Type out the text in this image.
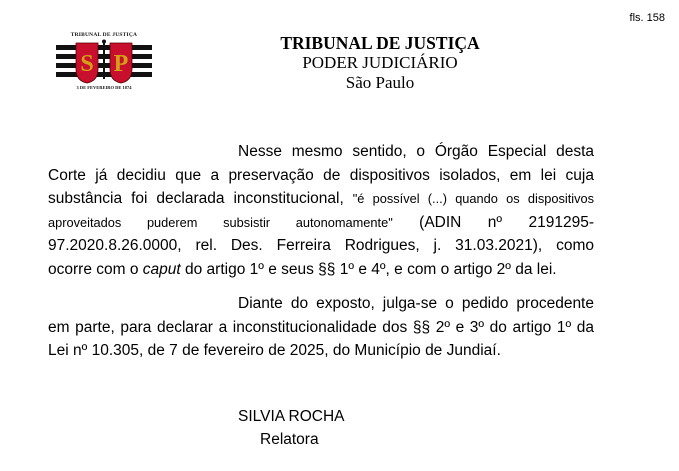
fls. 158
TRIBUNAL DE JUSTIÇA
S P
3 DE FEVEREIRO DE 1874
TRIBUNAL DE JUSTIÇA
PODER JUDICIÁRIO
São Paulo
Nesse mesmo sentido, o Órgão Especial desta
Corte já decidiu que a preservação de dispositivos isolados, em lei cuja
substância foi declarada inconstitucional, "é possível (...) quando os dispositivos
aproveitados puderem subsistir autonomamente" (ADIN nº 2191295-
97.2020.8.26.0000, rel. Des. Ferreira Rodrigues, j. 31.03.2021), como
ocorre com o caput do artigo 1º e seus §§ 1º e 4º, e com o artigo 2º da lei.
Diante do exposto, julga-se o pedido procedente
em parte, para declarar a inconstitucionalidade dos §§ 2º e 3º do artigo 1º da
Lei nº 10.305, de 7 de fevereiro de 2025, do Município de Jundiaí.
SILVIA ROCHA
Relatora
